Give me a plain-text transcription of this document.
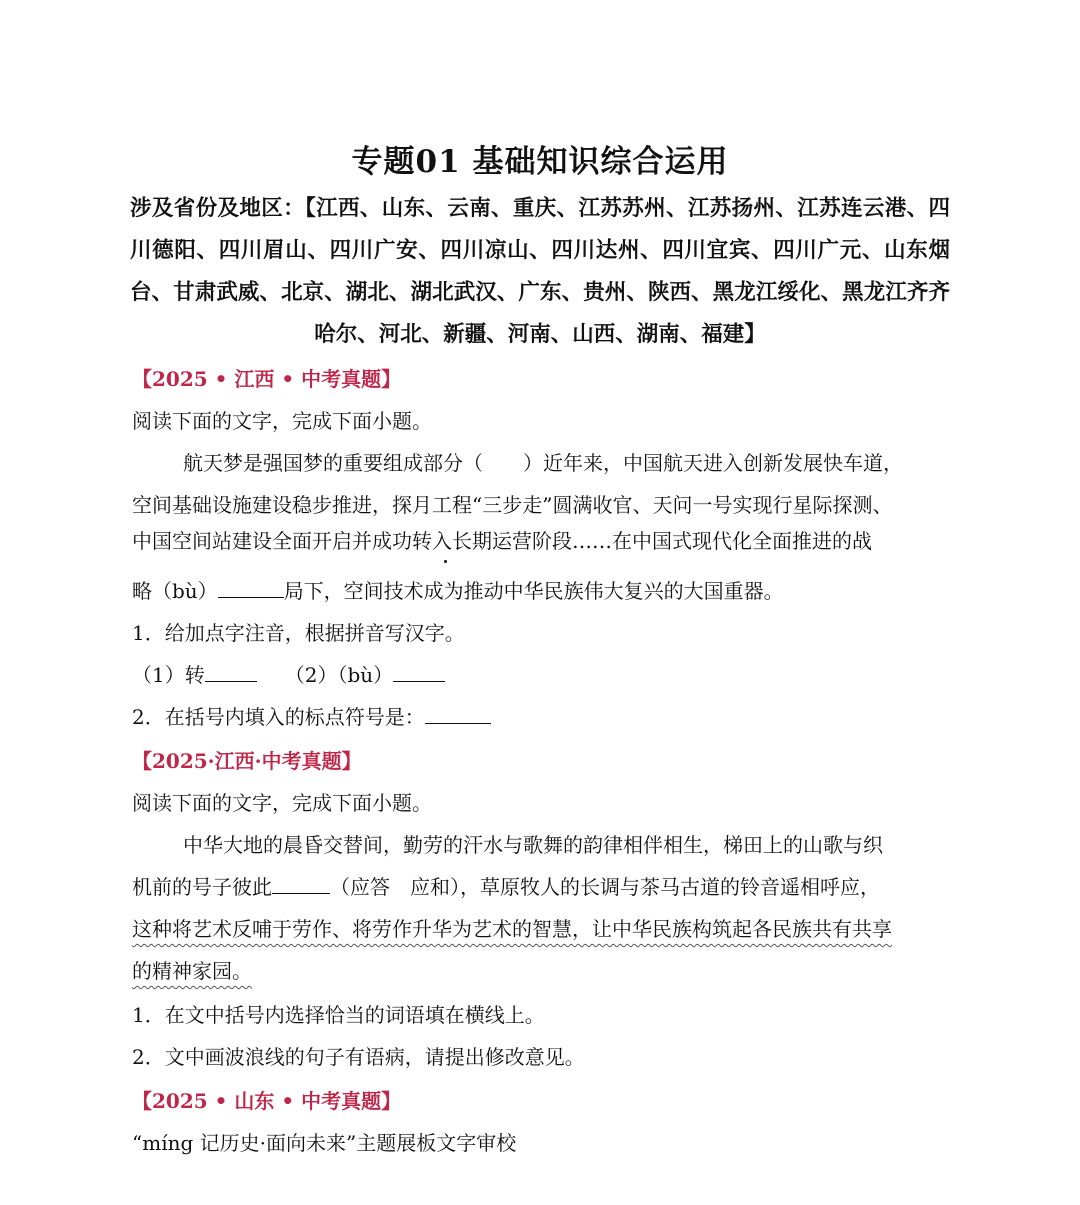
专题01 基础知识综合运用
涉及省份及地区：【江西、山东、云南、重庆、江苏苏州、江苏扬州、江苏连云港、四川德阳、四川眉山、四川广安、四川凉山、四川达州、四川宜宾、四川广元、山东烟台、甘肃武威、北京、湖北、湖北武汉、广东、贵州、陕西、黑龙江绥化、黑龙江齐齐哈尔、河北、新疆、河南、山西、湖南、福建】
【2025 • 江西 • 中考真题】
阅读下面的文字，完成下面小题。
航天梦是强国梦的重要组成部分（　　）近年来，中国航天进入创新发展快车道，
空间基础设施建设稳步推进，探月工程“三步走”圆满收官、天问一号实现行星际探测、
中国空间站建设全面开启并成功转入长期运营阶段……在中国式现代化全面推进的战
略（bù）	局下，空间技术成为推动中华民族伟大复兴的大国重器。
1．给加点字注音，根据拼音写汉字。
（1）转	（2）（bù）
2．在括号内填入的标点符号是：
【2025·江西·中考真题】
阅读下面的文字，完成下面小题。
中华大地的晨昏交替间，勤劳的汗水与歌舞的韵律相伴相生，梯田上的山歌与织
机前的号子彼此	（应答　应和），草原牧人的长调与茶马古道的铃音遥相呼应，
这种将艺术反哺于劳作、将劳作升华为艺术的智慧，让中华民族构筑起各民族共有共享
的精神家园。
1．在文中括号内选择恰当的词语填在横线上。
2．文中画波浪线的句子有语病，请提出修改意见。
【2025 • 山东 • 中考真题】
“míng 记历史·面向未来”主题展板文字审校
